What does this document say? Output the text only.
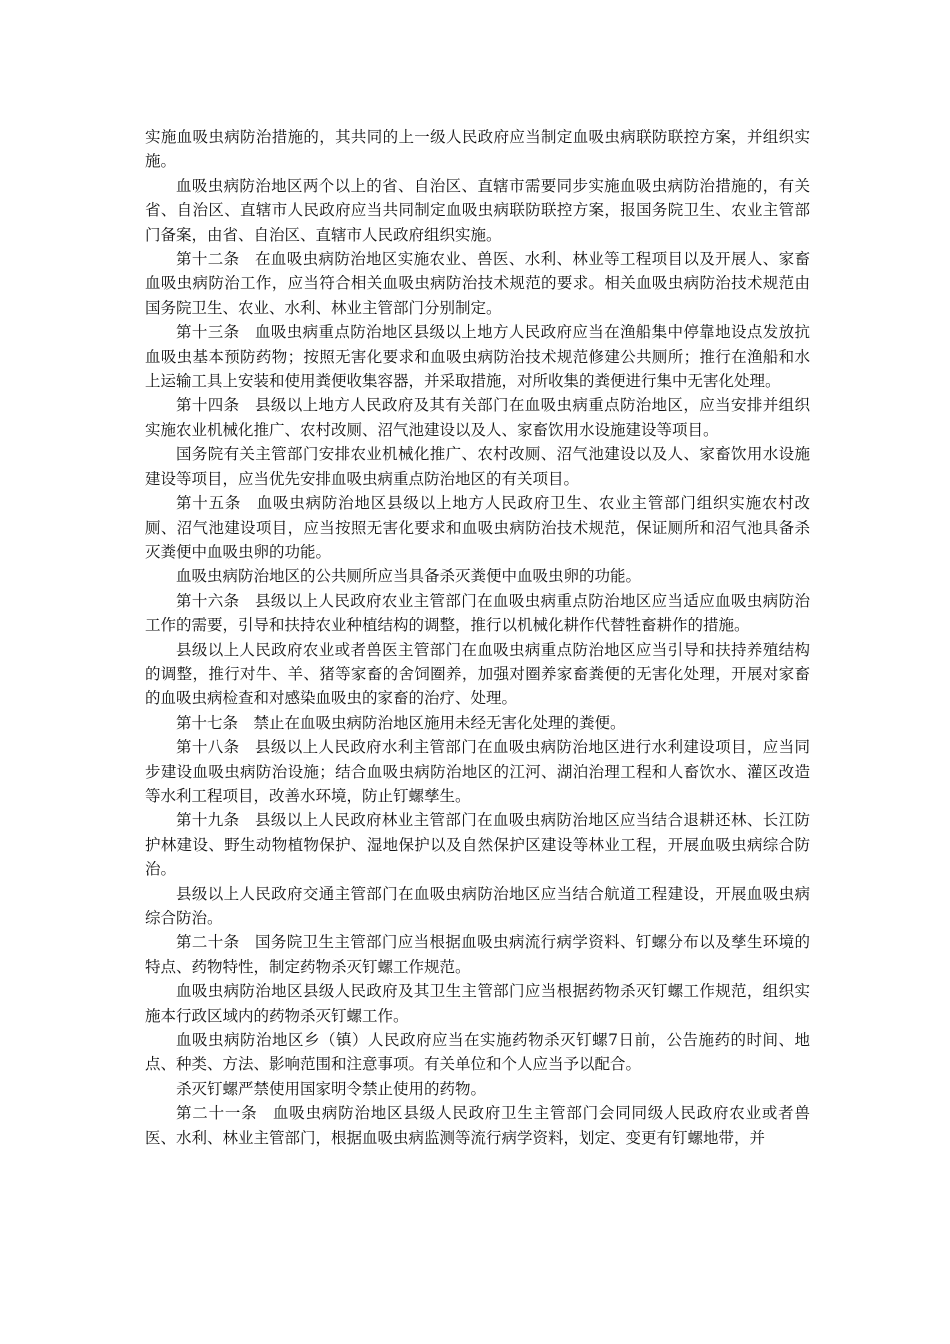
实施血吸虫病防治措施的，其共同的上一级人民政府应当制定血吸虫病联防联控方案，并组织实施。

血吸虫病防治地区两个以上的省、自治区、直辖市需要同步实施血吸虫病防治措施的，有关省、自治区、直辖市人民政府应当共同制定血吸虫病联防联控方案，报国务院卫生、农业主管部门备案，由省、自治区、直辖市人民政府组织实施。

第十二条 在血吸虫病防治地区实施农业、兽医、水利、林业等工程项目以及开展人、家畜血吸虫病防治工作，应当符合相关血吸虫病防治技术规范的要求。相关血吸虫病防治技术规范由国务院卫生、农业、水利、林业主管部门分别制定。

第十三条 血吸虫病重点防治地区县级以上地方人民政府应当在渔船集中停靠地设点发放抗血吸虫基本预防药物；按照无害化要求和血吸虫病防治技术规范修建公共厕所；推行在渔船和水上运输工具上安装和使用粪便收集容器，并采取措施，对所收集的粪便进行集中无害化处理。

第十四条 县级以上地方人民政府及其有关部门在血吸虫病重点防治地区，应当安排并组织实施农业机械化推广、农村改厕、沼气池建设以及人、家畜饮用水设施建设等项目。

国务院有关主管部门安排农业机械化推广、农村改厕、沼气池建设以及人、家畜饮用水设施建设等项目，应当优先安排血吸虫病重点防治地区的有关项目。

第十五条 血吸虫病防治地区县级以上地方人民政府卫生、农业主管部门组织实施农村改厕、沼气池建设项目，应当按照无害化要求和血吸虫病防治技术规范，保证厕所和沼气池具备杀灭粪便中血吸虫卵的功能。

血吸虫病防治地区的公共厕所应当具备杀灭粪便中血吸虫卵的功能。

第十六条 县级以上人民政府农业主管部门在血吸虫病重点防治地区应当适应血吸虫病防治工作的需要，引导和扶持农业种植结构的调整，推行以机械化耕作代替牲畜耕作的措施。

县级以上人民政府农业或者兽医主管部门在血吸虫病重点防治地区应当引导和扶持养殖结构的调整，推行对牛、羊、猪等家畜的舍饲圈养，加强对圈养家畜粪便的无害化处理，开展对家畜的血吸虫病检查和对感染血吸虫的家畜的治疗、处理。

第十七条 禁止在血吸虫病防治地区施用未经无害化处理的粪便。

第十八条 县级以上人民政府水利主管部门在血吸虫病防治地区进行水利建设项目，应当同步建设血吸虫病防治设施；结合血吸虫病防治地区的江河、湖泊治理工程和人畜饮水、灌区改造等水利工程项目，改善水环境，防止钉螺孳生。

第十九条 县级以上人民政府林业主管部门在血吸虫病防治地区应当结合退耕还林、长江防护林建设、野生动物植物保护、湿地保护以及自然保护区建设等林业工程，开展血吸虫病综合防治。

县级以上人民政府交通主管部门在血吸虫病防治地区应当结合航道工程建设，开展血吸虫病综合防治。

第二十条 国务院卫生主管部门应当根据血吸虫病流行病学资料、钉螺分布以及孳生环境的特点、药物特性，制定药物杀灭钉螺工作规范。

血吸虫病防治地区县级人民政府及其卫生主管部门应当根据药物杀灭钉螺工作规范，组织实施本行政区域内的药物杀灭钉螺工作。

血吸虫病防治地区乡（镇）人民政府应当在实施药物杀灭钉螺7日前，公告施药的时间、地点、种类、方法、影响范围和注意事项。有关单位和个人应当予以配合。

杀灭钉螺严禁使用国家明令禁止使用的药物。

第二十一条 血吸虫病防治地区县级人民政府卫生主管部门会同同级人民政府农业或者兽医、水利、林业主管部门，根据血吸虫病监测等流行病学资料，划定、变更有钉螺地带，并
